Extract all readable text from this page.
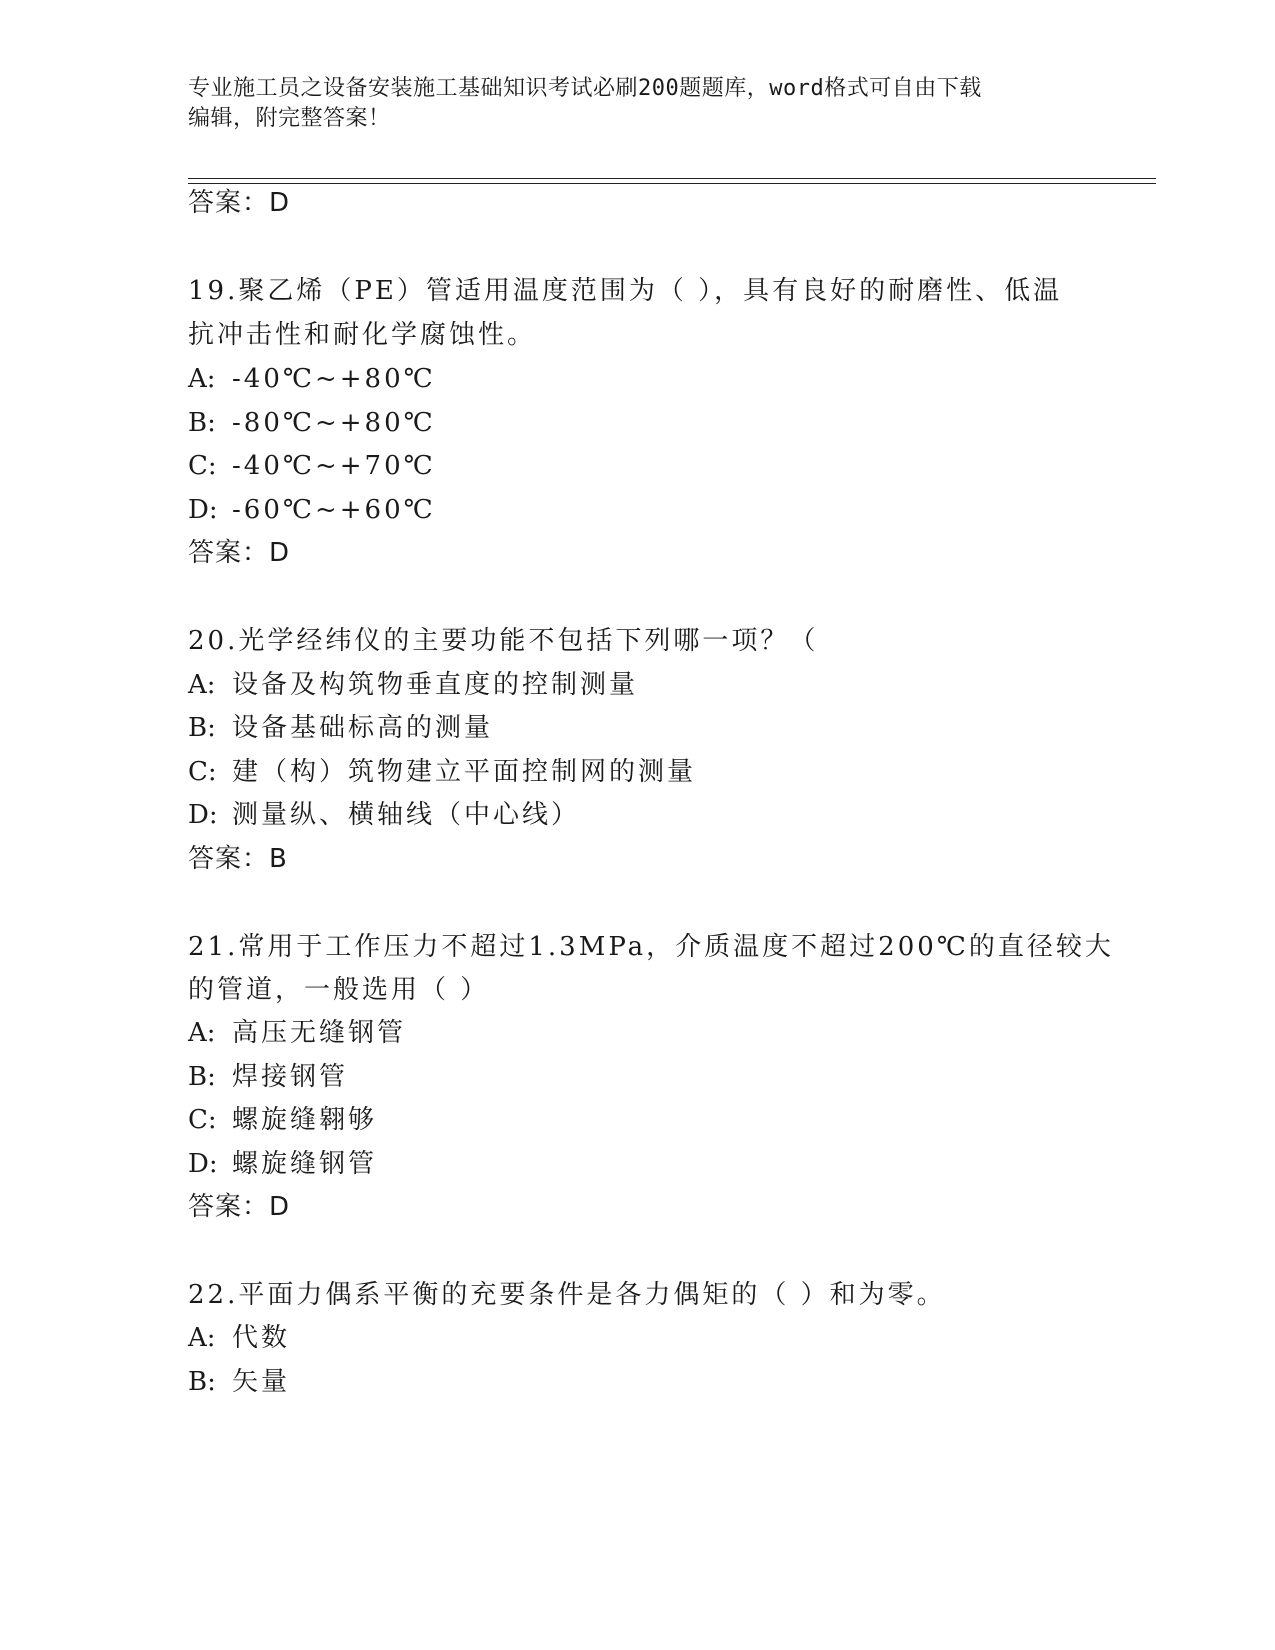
专业施工员之设备安装施工基础知识考试必刷200题题库，word格式可自由下载
编辑，附完整答案！
答案：D
19.聚乙烯（PE）管适用温度范围为（ ），具有良好的耐磨性、低温
抗冲击性和耐化学腐蚀性。
A: -40℃~+80℃
B: -80℃~+80℃
C: -40℃~+70℃
D: -60℃~+60℃
答案：D
20.光学经纬仪的主要功能不包括下列哪一项？（
A: 设备及构筑物垂直度的控制测量
B: 设备基础标高的测量
C: 建（构）筑物建立平面控制网的测量
D: 测量纵、横轴线（中心线）
答案：B
21.常用于工作压力不超过1.3MPa，介质温度不超过200℃的直径较大
的管道，一般选用（ ）
A: 高压无缝钢管
B: 焊接钢管
C: 螺旋缝翱够
D: 螺旋缝钢管
答案：D
22.平面力偶系平衡的充要条件是各力偶矩的（ ）和为零。
A: 代数
B: 矢量
